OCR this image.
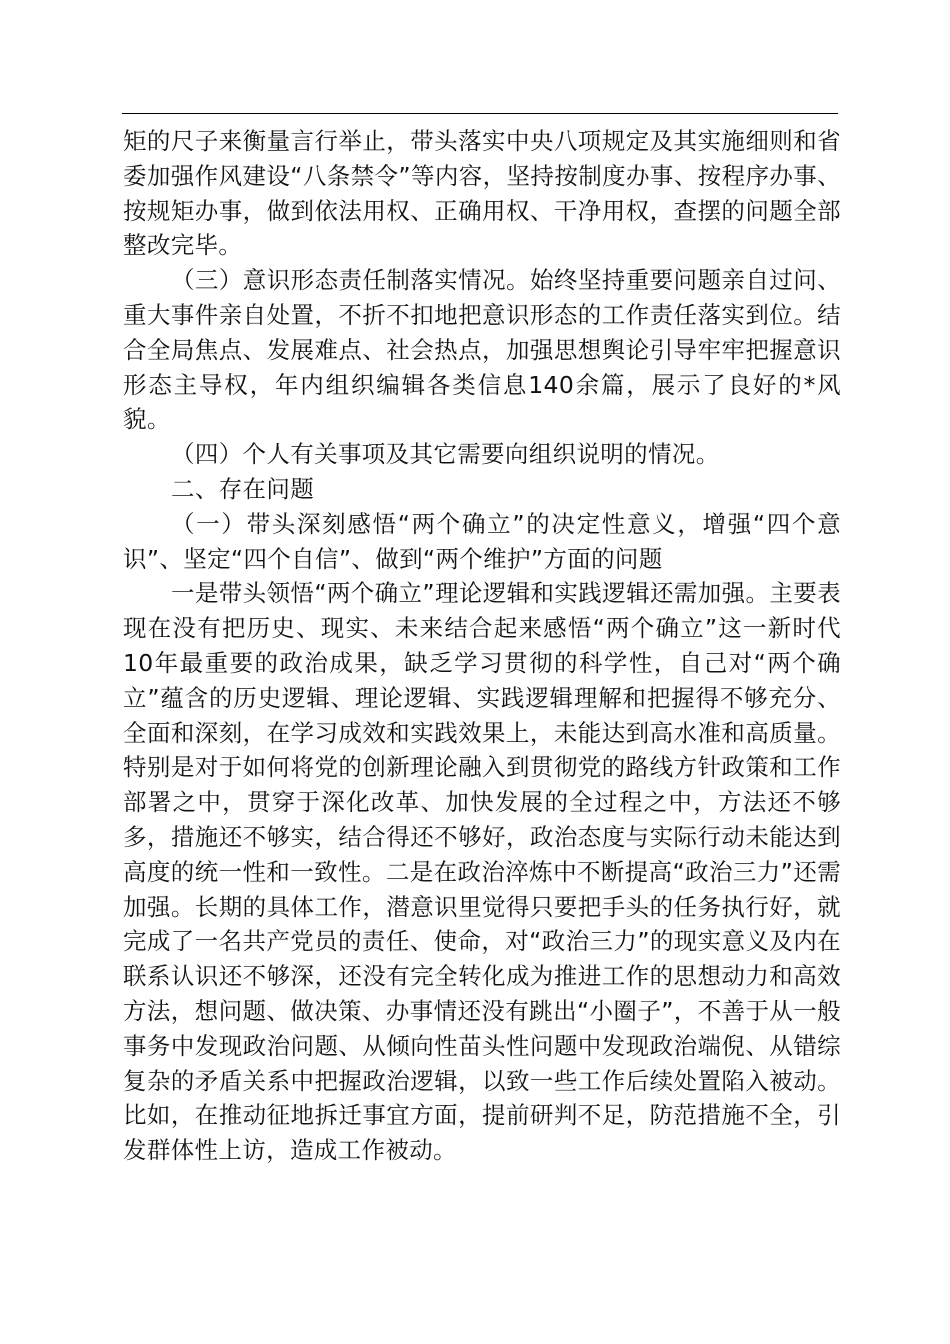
矩的尺子来衡量言行举止，带头落实中央八项规定及其实施细则和省委加强作风建设“八条禁令”等内容，坚持按制度办事、按程序办事、按规矩办事，做到依法用权、正确用权、干净用权，查摆的问题全部整改完毕。

（三）意识形态责任制落实情况。始终坚持重要问题亲自过问、重大事件亲自处置，不折不扣地把意识形态的工作责任落实到位。结合全局焦点、发展难点、社会热点，加强思想舆论引导牢牢把握意识形态主导权，年内组织编辑各类信息140余篇，展示了良好的*风貌。

（四）个人有关事项及其它需要向组织说明的情况。

二、存在问题

（一）带头深刻感悟“两个确立”的决定性意义，增强“四个意识”、坚定“四个自信”、做到“两个维护”方面的问题

一是带头领悟“两个确立”理论逻辑和实践逻辑还需加强。主要表现在没有把历史、现实、未来结合起来感悟“两个确立”这一新时代10年最重要的政治成果，缺乏学习贯彻的科学性，自己对“两个确立”蕴含的历史逻辑、理论逻辑、实践逻辑理解和把握得不够充分、全面和深刻，在学习成效和实践效果上，未能达到高水准和高质量。特别是对于如何将党的创新理论融入到贯彻党的路线方针政策和工作部署之中，贯穿于深化改革、加快发展的全过程之中，方法还不够多，措施还不够实，结合得还不够好，政治态度与实际行动未能达到高度的统一性和一致性。二是在政治淬炼中不断提高“政治三力”还需加强。长期的具体工作，潜意识里觉得只要把手头的任务执行好，就完成了一名共产党员的责任、使命，对“政治三力”的现实意义及内在联系认识还不够深，还没有完全转化成为推进工作的思想动力和高效方法，想问题、做决策、办事情还没有跳出“小圈子”，不善于从一般事务中发现政治问题、从倾向性苗头性问题中发现政治端倪、从错综复杂的矛盾关系中把握政治逻辑，以致一些工作后续处置陷入被动。比如，在推动征地拆迁事宜方面，提前研判不足，防范措施不全，引发群体性上访，造成工作被动。
